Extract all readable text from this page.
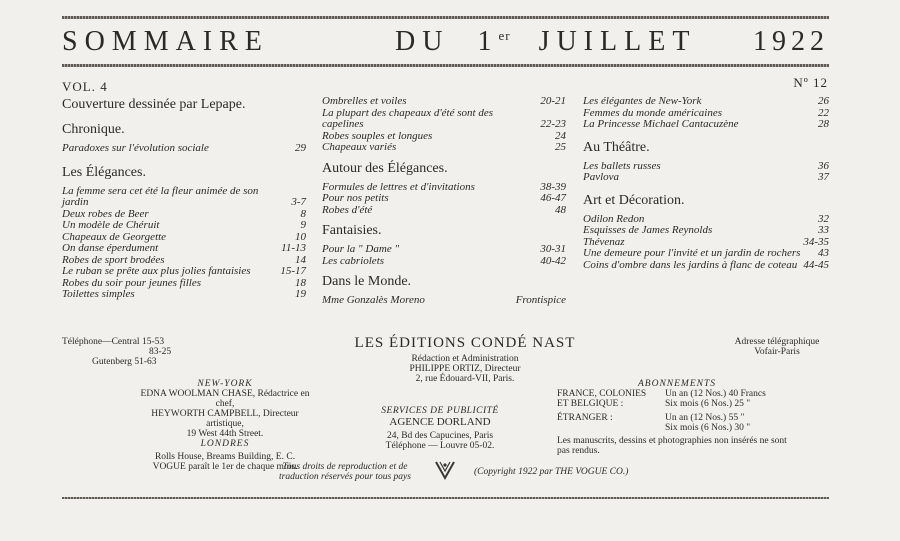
SOMMAIRE	DU 1er JUILLET 1922
VOL. 4	Nº 12
Couverture dessinée par Lepape.
Chronique.
Paradoxes sur l'évolution sociale	29
Les Élégances.
La femme sera cet été la fleur animée de son jardin	3-7
Deux robes de Beer	8
Un modèle de Chéruit	9
Chapeaux de Georgette	10
On danse éperdument	11-13
Robes de sport brodées	14
Le ruban se prête aux plus jolies fantaisies	15-17
Robes du soir pour jeunes filles	18
Toilettes simples	19
Ombrelles et voiles	20-21
La plupart des chapeaux d'été sont des capelines	22-23
Robes souples et longues	24
Chapeaux variés	25
Autour des Élégances.
Formules de lettres et d'invitations	38-39
Pour nos petits	46-47
Robes d'été	48
Fantaisies.
Pour la " Dame "	30-31
Les cabriolets	40-42
Dans le Monde.
Mme Gonzalès Moreno	Frontispice
Les élégantes de New-York	26
Femmes du monde américaines	22
La Princesse Michael Cantacuzène	28
Au Théâtre.
Les ballets russes	36
Pavlova	37
Art et Décoration.
Odilon Redon	32
Esquisses de James Reynolds	33
Thévenaz	34-35
Une demeure pour l'invité et un jardin de rochers	43
Coins d'ombre dans les jardins à flanc de coteau 44-45
Téléphone—Central 15-53
83-25
Gutenberg 51-63
LES ÉDITIONS CONDÉ NAST
Rédaction et Administration
PHILIPPE ORTIZ, Directeur
2, rue Édouard-VII, Paris.
Adresse télégraphique
Vofair-Paris
NEW-YORK
EDNA WOOLMAN CHASE, Rédactrice en chef,
HEYWORTH CAMPBELL, Directeur artistique,
19 West 44th Street.
LONDRES
Rolls House, Breams Building, E. C.
VOGUE paraît le 1er de chaque mois.
SERVICES DE PUBLICITÉ
AGENCE DORLAND
24, Bd des Capucines, Paris
Téléphone — Louvre 05-02.
ABONNEMENTS
FRANCE, COLONIES	Un an (12 Nos.) 40 Francs
ET BELGIQUE :	Six mois (6 Nos.) 25 "
ÉTRANGER :	Un an (12 Nos.) 55 "
Six mois (6 Nos.) 30 "
Les manuscrits, dessins et photographies non insérés ne sont pas rendus.
Tous droits de reproduction et de
traduction réservés pour tous pays	(Copyright 1922 par THE VOGUE CO.)
